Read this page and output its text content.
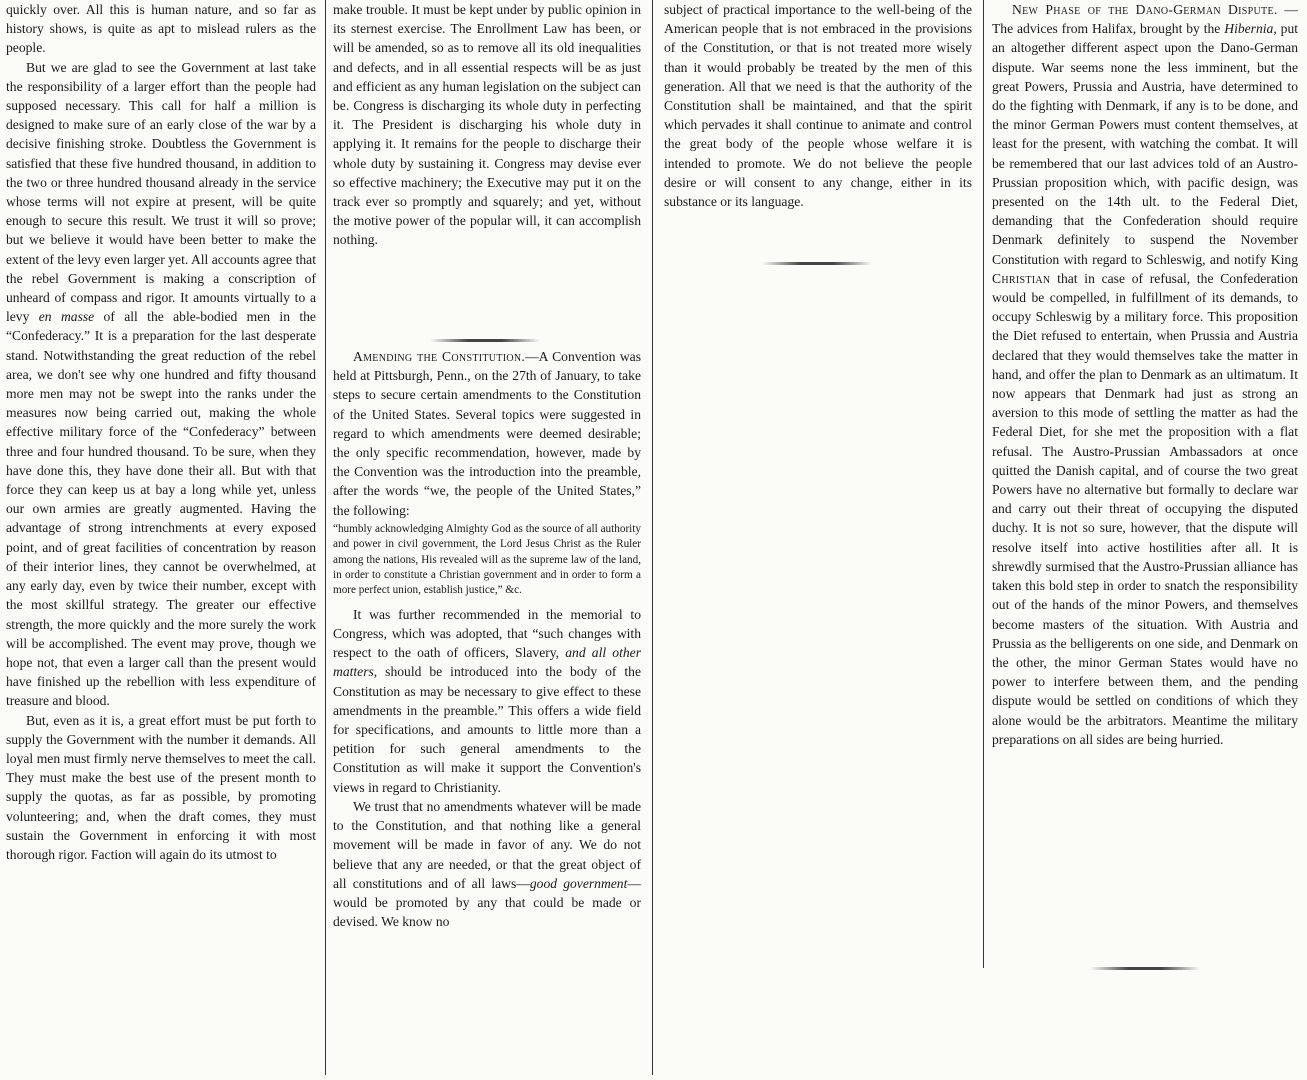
quickly over. All this is human nature, and so far as history shows, is quite as apt to mislead rulers as the people.

But we are glad to see the Government at last take the responsibility of a larger effort than the people had supposed necessary. This call for half a million is designed to make sure of an early close of the war by a decisive finishing stroke. Doubtless the Government is satisfied that these five hundred thousand, in addition to the two or three hundred thousand already in the service whose terms will not expire at present, will be quite enough to secure this result. We trust it will so prove; but we believe it would have been better to make the extent of the levy even larger yet. All accounts agree that the rebel Government is making a conscription of unheard of compass and rigor. It amounts virtually to a levy en masse of all the able-bodied men in the “Confederacy.” It is a preparation for the last desperate stand. Notwithstanding the great reduction of the rebel area, we don't see why one hundred and fifty thousand more men may not be swept into the ranks under the measures now being carried out, making the whole effective military force of the “Confederacy” between three and four hundred thousand. To be sure, when they have done this, they have done their all. But with that force they can keep us at bay a long while yet, unless our own armies are greatly augmented. Having the advantage of strong intrenchments at every exposed point, and of great facilities of concentration by reason of their interior lines, they cannot be overwhelmed, at any early day, even by twice their number, except with the most skillful strategy. The greater our effective strength, the more quickly and the more surely the work will be accomplished. The event may prove, though we hope not, that even a larger call than the present would have finished up the rebellion with less expenditure of treasure and blood.

But, even as it is, a great effort must be put forth to supply the Government with the number it demands. All loyal men must firmly nerve themselves to meet the call. They must make the best use of the present month to supply the quotas, as far as possible, by promoting volunteering; and, when the draft comes, they must sustain the Government in enforcing it with most thorough rigor. Faction will again do its utmost to

make trouble. It must be kept under by public opinion in its sternest exercise. The Enrollment Law has been, or will be amended, so as to remove all its old inequalities and defects, and in all essential respects will be as just and efficient as any human legislation on the subject can be. Congress is discharging its whole duty in perfecting it. The President is discharging his whole duty in applying it. It remains for the people to discharge their whole duty by sustaining it. Congress may devise ever so effective machinery; the Executive may put it on the track ever so promptly and squarely; and yet, without the motive power of the popular will, it can accomplish nothing.

Amending the Constitution.—A Convention was held at Pittsburgh, Penn., on the 27th of January, to take steps to secure certain amendments to the Constitution of the United States. Several topics were suggested in regard to which amendments were deemed desirable; the only specific recommendation, however, made by the Convention was the introduction into the preamble, after the words “we, the people of the United States,” the following:

“humbly acknowledging Almighty God as the source of all authority and power in civil government, the Lord Jesus Christ as the Ruler among the nations, His revealed will as the supreme law of the land, in order to constitute a Christian government and in order to form a more perfect union, establish justice,” &c.

It was further recommended in the memorial to Congress, which was adopted, that “such changes with respect to the oath of officers, Slavery, and all other matters, should be introduced into the body of the Constitution as may be necessary to give effect to these amendments in the preamble.” This offers a wide field for specifications, and amounts to little more than a petition for such general amendments to the Constitution as will make it support the Convention's views in regard to Christianity.

We trust that no amendments whatever will be made to the Constitution, and that nothing like a general movement will be made in favor of any. We do not believe that any are needed, or that the great object of all constitutions and of all laws—good government—would be promoted by any that could be made or devised. We know no

subject of practical importance to the well-being of the American people that is not embraced in the provisions of the Constitution, or that is not treated more wisely than it would probably be treated by the men of this generation. All that we need is that the authority of the Constitution shall be maintained, and that the spirit which pervades it shall continue to animate and control the great body of the people whose welfare it is intended to promote. We do not believe the people desire or will consent to any change, either in its substance or its language.

New Phase of the Dano-German Dispute. —The advices from Halifax, brought by the Hibernia, put an altogether different aspect upon the Dano-German dispute. War seems none the less imminent, but the great Powers, Prussia and Austria, have determined to do the fighting with Denmark, if any is to be done, and the minor German Powers must content themselves, at least for the present, with watching the combat. It will be remembered that our last advices told of an Austro-Prussian proposition which, with pacific design, was presented on the 14th ult. to the Federal Diet, demanding that the Confederation should require Denmark definitely to suspend the November Constitution with regard to Schleswig, and notify King Christian that in case of refusal, the Confederation would be compelled, in fulfillment of its demands, to occupy Schleswig by a military force. This proposition the Diet refused to entertain, when Prussia and Austria declared that they would themselves take the matter in hand, and offer the plan to Denmark as an ultimatum. It now appears that Denmark had just as strong an aversion to this mode of settling the matter as had the Federal Diet, for she met the proposition with a flat refusal. The Austro-Prussian Ambassadors at once quitted the Danish capital, and of course the two great Powers have no alternative but formally to declare war and carry out their threat of occupying the disputed duchy. It is not so sure, however, that the dispute will resolve itself into active hostilities after all. It is shrewdly surmised that the Austro-Prussian alliance has taken this bold step in order to snatch the responsibility out of the hands of the minor Powers, and themselves become masters of the situation. With Austria and Prussia as the belligerents on one side, and Denmark on the other, the minor German States would have no power to interfere between them, and the pending dispute would be settled on conditions of which they alone would be the arbitrators. Meantime the military preparations on all sides are being hurried.
